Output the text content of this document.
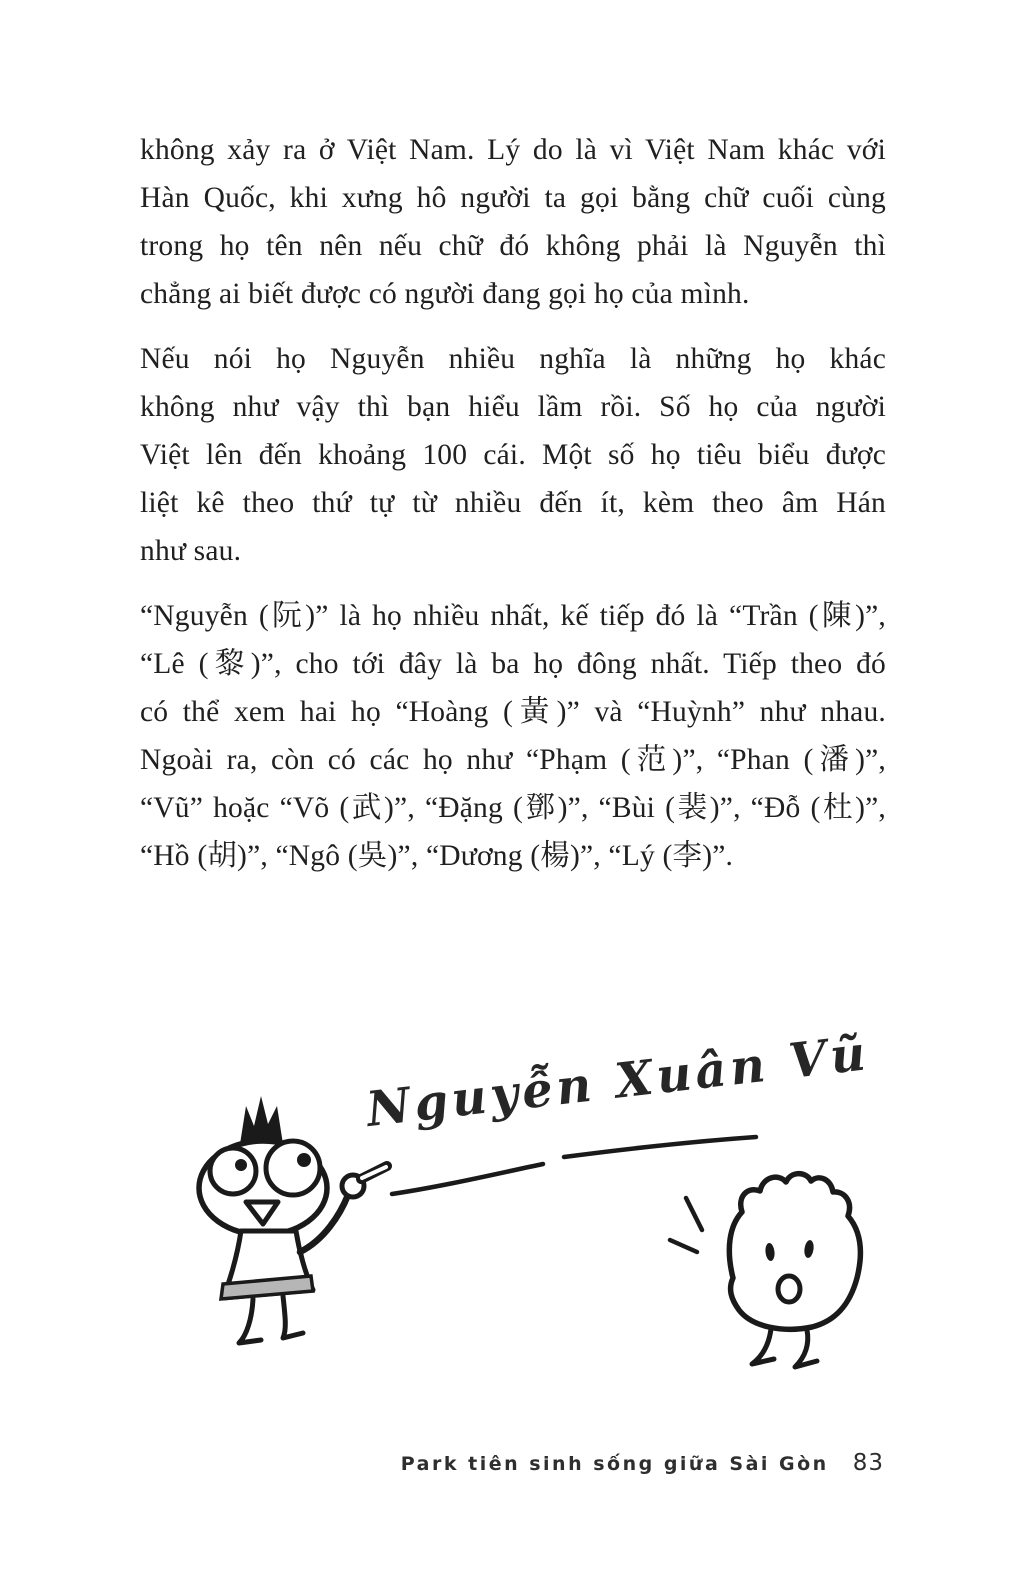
không xảy ra ở Việt Nam. Lý do là vì Việt Nam khác với
Hàn Quốc, khi xưng hô người ta gọi bằng chữ cuối cùng
trong họ tên nên nếu chữ đó không phải là Nguyễn thì
chẳng ai biết được có người đang gọi họ của mình.
Nếu nói họ Nguyễn nhiều nghĩa là những họ khác
không như vậy thì bạn hiểu lầm rồi. Số họ của người
Việt lên đến khoảng 100 cái. Một số họ tiêu biểu được
liệt kê theo thứ tự từ nhiều đến ít, kèm theo âm Hán
như sau.
“Nguyễn (阮)” là họ nhiều nhất, kế tiếp đó là “Trần (陳)”,
“Lê (黎)”, cho tới đây là ba họ đông nhất. Tiếp theo đó
có thể xem hai họ “Hoàng (黃)” và “Huỳnh” như nhau.
Ngoài ra, còn có các họ như “Phạm (范)”, “Phan (潘)”,
“Vũ” hoặc “Võ (武)”, “Đặng (鄧)”, “Bùi (裴)”, “Đỗ (杜)”,
“Hồ (胡)”, “Ngô (吳)”, “Dương (楊)”, “Lý (李)”.
Nguyễn Xuân Vũ
Park tiên sinh sống giữa Sài Gòn 83
